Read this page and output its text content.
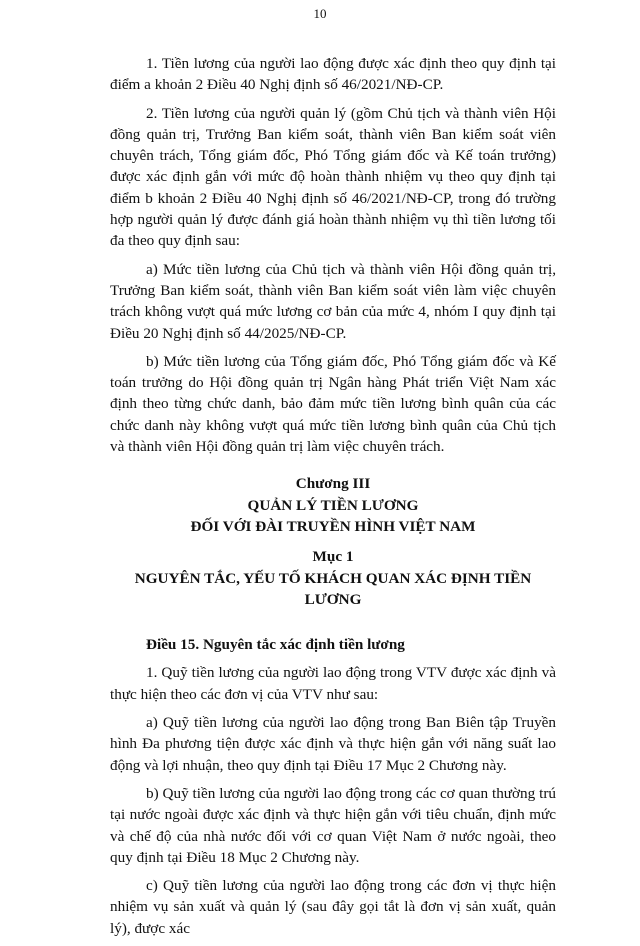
10

1. Tiền lương của người lao động được xác định theo quy định tại điểm a khoản 2 Điều 40 Nghị định số 46/2021/NĐ-CP.

2. Tiền lương của người quản lý (gồm Chủ tịch và thành viên Hội đồng quản trị, Trưởng Ban kiểm soát, thành viên Ban kiểm soát viên chuyên trách, Tổng giám đốc, Phó Tổng giám đốc và Kế toán trưởng) được xác định gắn với mức độ hoàn thành nhiệm vụ theo quy định tại điểm b khoản 2 Điều 40 Nghị định số 46/2021/NĐ-CP, trong đó trường hợp người quản lý được đánh giá hoàn thành nhiệm vụ thì tiền lương tối đa theo quy định sau:

a) Mức tiền lương của Chủ tịch và thành viên Hội đồng quản trị, Trưởng Ban kiểm soát, thành viên Ban kiểm soát viên làm việc chuyên trách không vượt quá mức lương cơ bản của mức 4, nhóm I quy định tại Điều 20 Nghị định số 44/2025/NĐ-CP.

b) Mức tiền lương của Tổng giám đốc, Phó Tổng giám đốc và Kế toán trưởng do Hội đồng quản trị Ngân hàng Phát triển Việt Nam xác định theo từng chức danh, bảo đảm mức tiền lương bình quân của các chức danh này không vượt quá mức tiền lương bình quân của Chủ tịch và thành viên Hội đồng quản trị làm việc chuyên trách.

Chương III

QUẢN LÝ TIỀN LƯƠNG

ĐỐI VỚI ĐÀI TRUYỀN HÌNH VIỆT NAM

Mục 1

NGUYÊN TẮC, YẾU TỐ KHÁCH QUAN XÁC ĐỊNH TIỀN LƯƠNG

Điều 15. Nguyên tắc xác định tiền lương

1. Quỹ tiền lương của người lao động trong VTV được xác định và thực hiện theo các đơn vị của VTV như sau:

a) Quỹ tiền lương của người lao động trong Ban Biên tập Truyền hình Đa phương tiện được xác định và thực hiện gắn với năng suất lao động và lợi nhuận, theo quy định tại Điều 17 Mục 2 Chương này.

b) Quỹ tiền lương của người lao động trong các cơ quan thường trú tại nước ngoài được xác định và thực hiện gắn với tiêu chuẩn, định mức và chế độ của nhà nước đối với cơ quan Việt Nam ở nước ngoài, theo quy định tại Điều 18 Mục 2 Chương này.

c) Quỹ tiền lương của người lao động trong các đơn vị thực hiện nhiệm vụ sản xuất và quản lý (sau đây gọi tắt là đơn vị sản xuất, quản lý), được xác
